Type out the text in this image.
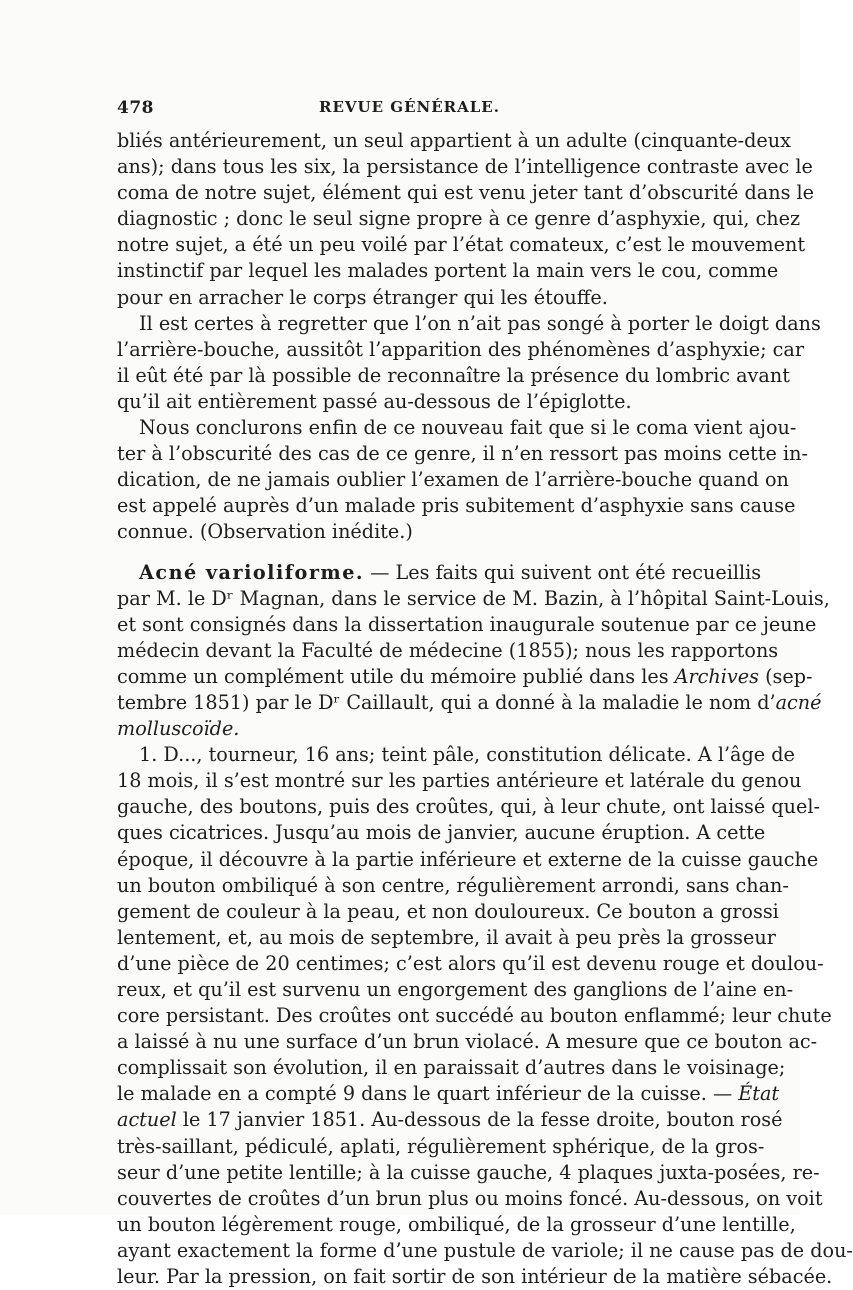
478	REVUE GÉNÉRALE.
bliés antérieurement, un seul appartient à un adulte (cinquante-deux
ans); dans tous les six, la persistance de l’intelligence contraste avec le
coma de notre sujet, élément qui est venu jeter tant d’obscurité dans le
diagnostic ; donc le seul signe propre à ce genre d’asphyxie, qui, chez
notre sujet, a été un peu voilé par l’état comateux, c’est le mouvement
instinctif par lequel les malades portent la main vers le cou, comme
pour en arracher le corps étranger qui les étouffe.
Il est certes à regretter que l’on n’ait pas songé à porter le doigt dans
l’arrière-bouche, aussitôt l’apparition des phénomènes d’asphyxie; car
il eût été par là possible de reconnaître la présence du lombric avant
qu’il ait entièrement passé au-dessous de l’épiglotte.
Nous conclurons enfin de ce nouveau fait que si le coma vient ajou-
ter à l’obscurité des cas de ce genre, il n’en ressort pas moins cette in-
dication, de ne jamais oublier l’examen de l’arrière-bouche quand on
est appelé auprès d’un malade pris subitement d’asphyxie sans cause
connue. (Observation inédite.)
Acné varioliforme. — Les faits qui suivent ont été recueillis
par M. le Dʳ Magnan, dans le service de M. Bazin, à l’hôpital Saint-Louis,
et sont consignés dans la dissertation inaugurale soutenue par ce jeune
médecin devant la Faculté de médecine (1855); nous les rapportons
comme un complément utile du mémoire publié dans les Archives (sep-
tembre 1851) par le Dʳ Caillault, qui a donné à la maladie le nom d’acné
molluscoïde.
1. D..., tourneur, 16 ans; teint pâle, constitution délicate. A l’âge de
18 mois, il s’est montré sur les parties antérieure et latérale du genou
gauche, des boutons, puis des croûtes, qui, à leur chute, ont laissé quel-
ques cicatrices. Jusqu’au mois de janvier, aucune éruption. A cette
époque, il découvre à la partie inférieure et externe de la cuisse gauche
un bouton ombiliqué à son centre, régulièrement arrondi, sans chan-
gement de couleur à la peau, et non douloureux. Ce bouton a grossi
lentement, et, au mois de septembre, il avait à peu près la grosseur
d’une pièce de 20 centimes; c’est alors qu’il est devenu rouge et doulou-
reux, et qu’il est survenu un engorgement des ganglions de l’aine en-
core persistant. Des croûtes ont succédé au bouton enflammé; leur chute
a laissé à nu une surface d’un brun violacé. A mesure que ce bouton ac-
complissait son évolution, il en paraissait d’autres dans le voisinage;
le malade en a compté 9 dans le quart inférieur de la cuisse. — État
actuel le 17 janvier 1851. Au-dessous de la fesse droite, bouton rosé
très-saillant, pédiculé, aplati, régulièrement sphérique, de la gros-
seur d’une petite lentille; à la cuisse gauche, 4 plaques juxta-posées, re-
couvertes de croûtes d’un brun plus ou moins foncé. Au-dessous, on voit
un bouton légèrement rouge, ombiliqué, de la grosseur d’une lentille,
ayant exactement la forme d’une pustule de variole; il ne cause pas de dou-
leur. Par la pression, on fait sortir de son intérieur de la matière sébacée.
